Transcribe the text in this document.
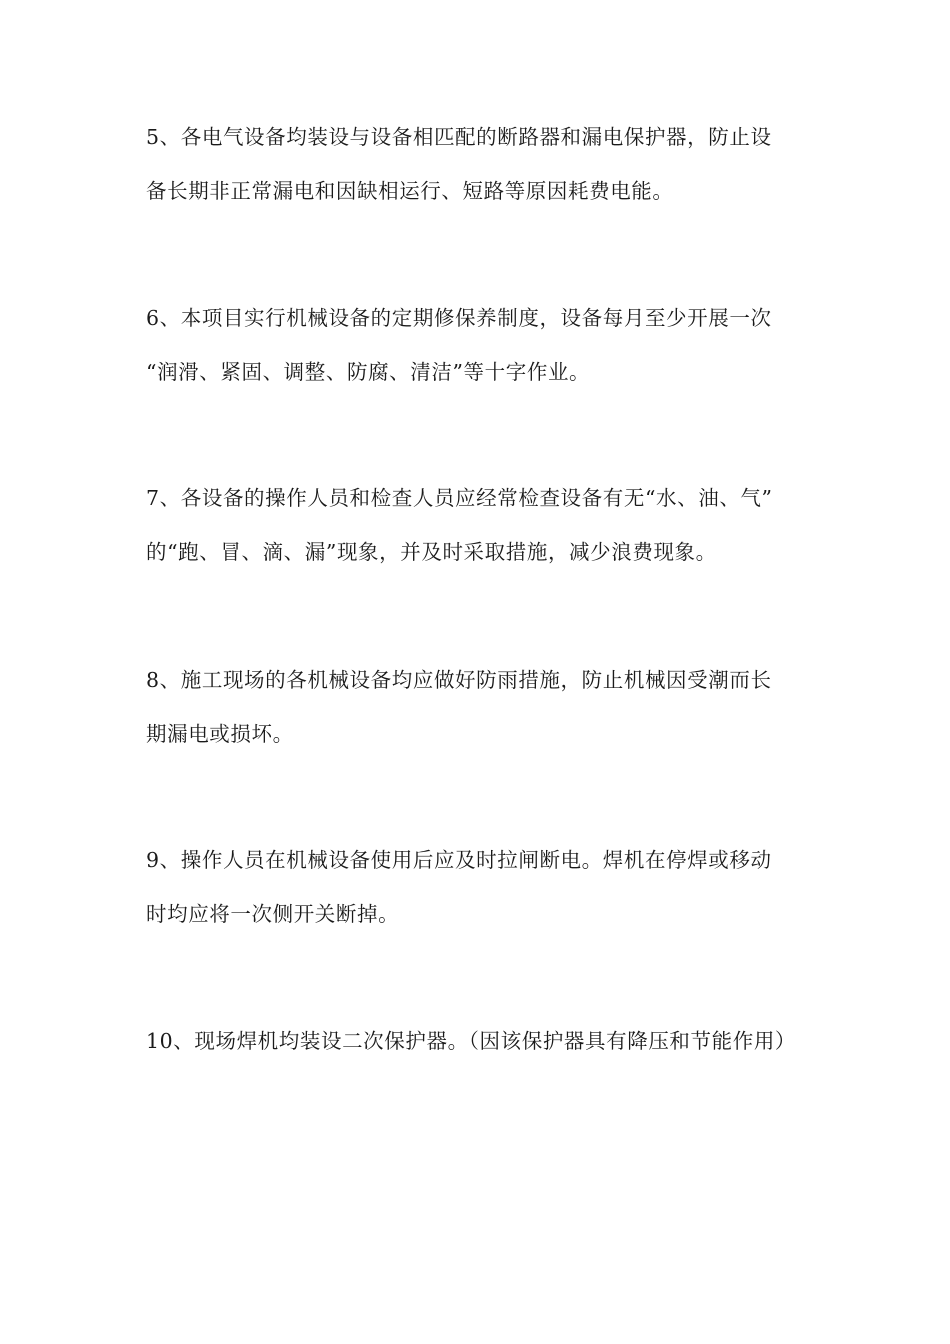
5、各电气设备均装设与设备相匹配的断路器和漏电保护器，防止设
备长期非正常漏电和因缺相运行、短路等原因耗费电能。

6、本项目实行机械设备的定期修保养制度，设备每月至少开展一次
“润滑、紧固、调整、防腐、清洁”等十字作业。

7、各设备的操作人员和检查人员应经常检查设备有无“水、油、气”
的“跑、冒、滴、漏”现象，并及时采取措施，减少浪费现象。

8、施工现场的各机械设备均应做好防雨措施，防止机械因受潮而长
期漏电或损坏。

9、操作人员在机械设备使用后应及时拉闸断电。焊机在停焊或移动
时均应将一次侧开关断掉。

10、现场焊机均装设二次保护器。（因该保护器具有降压和节能作用）
